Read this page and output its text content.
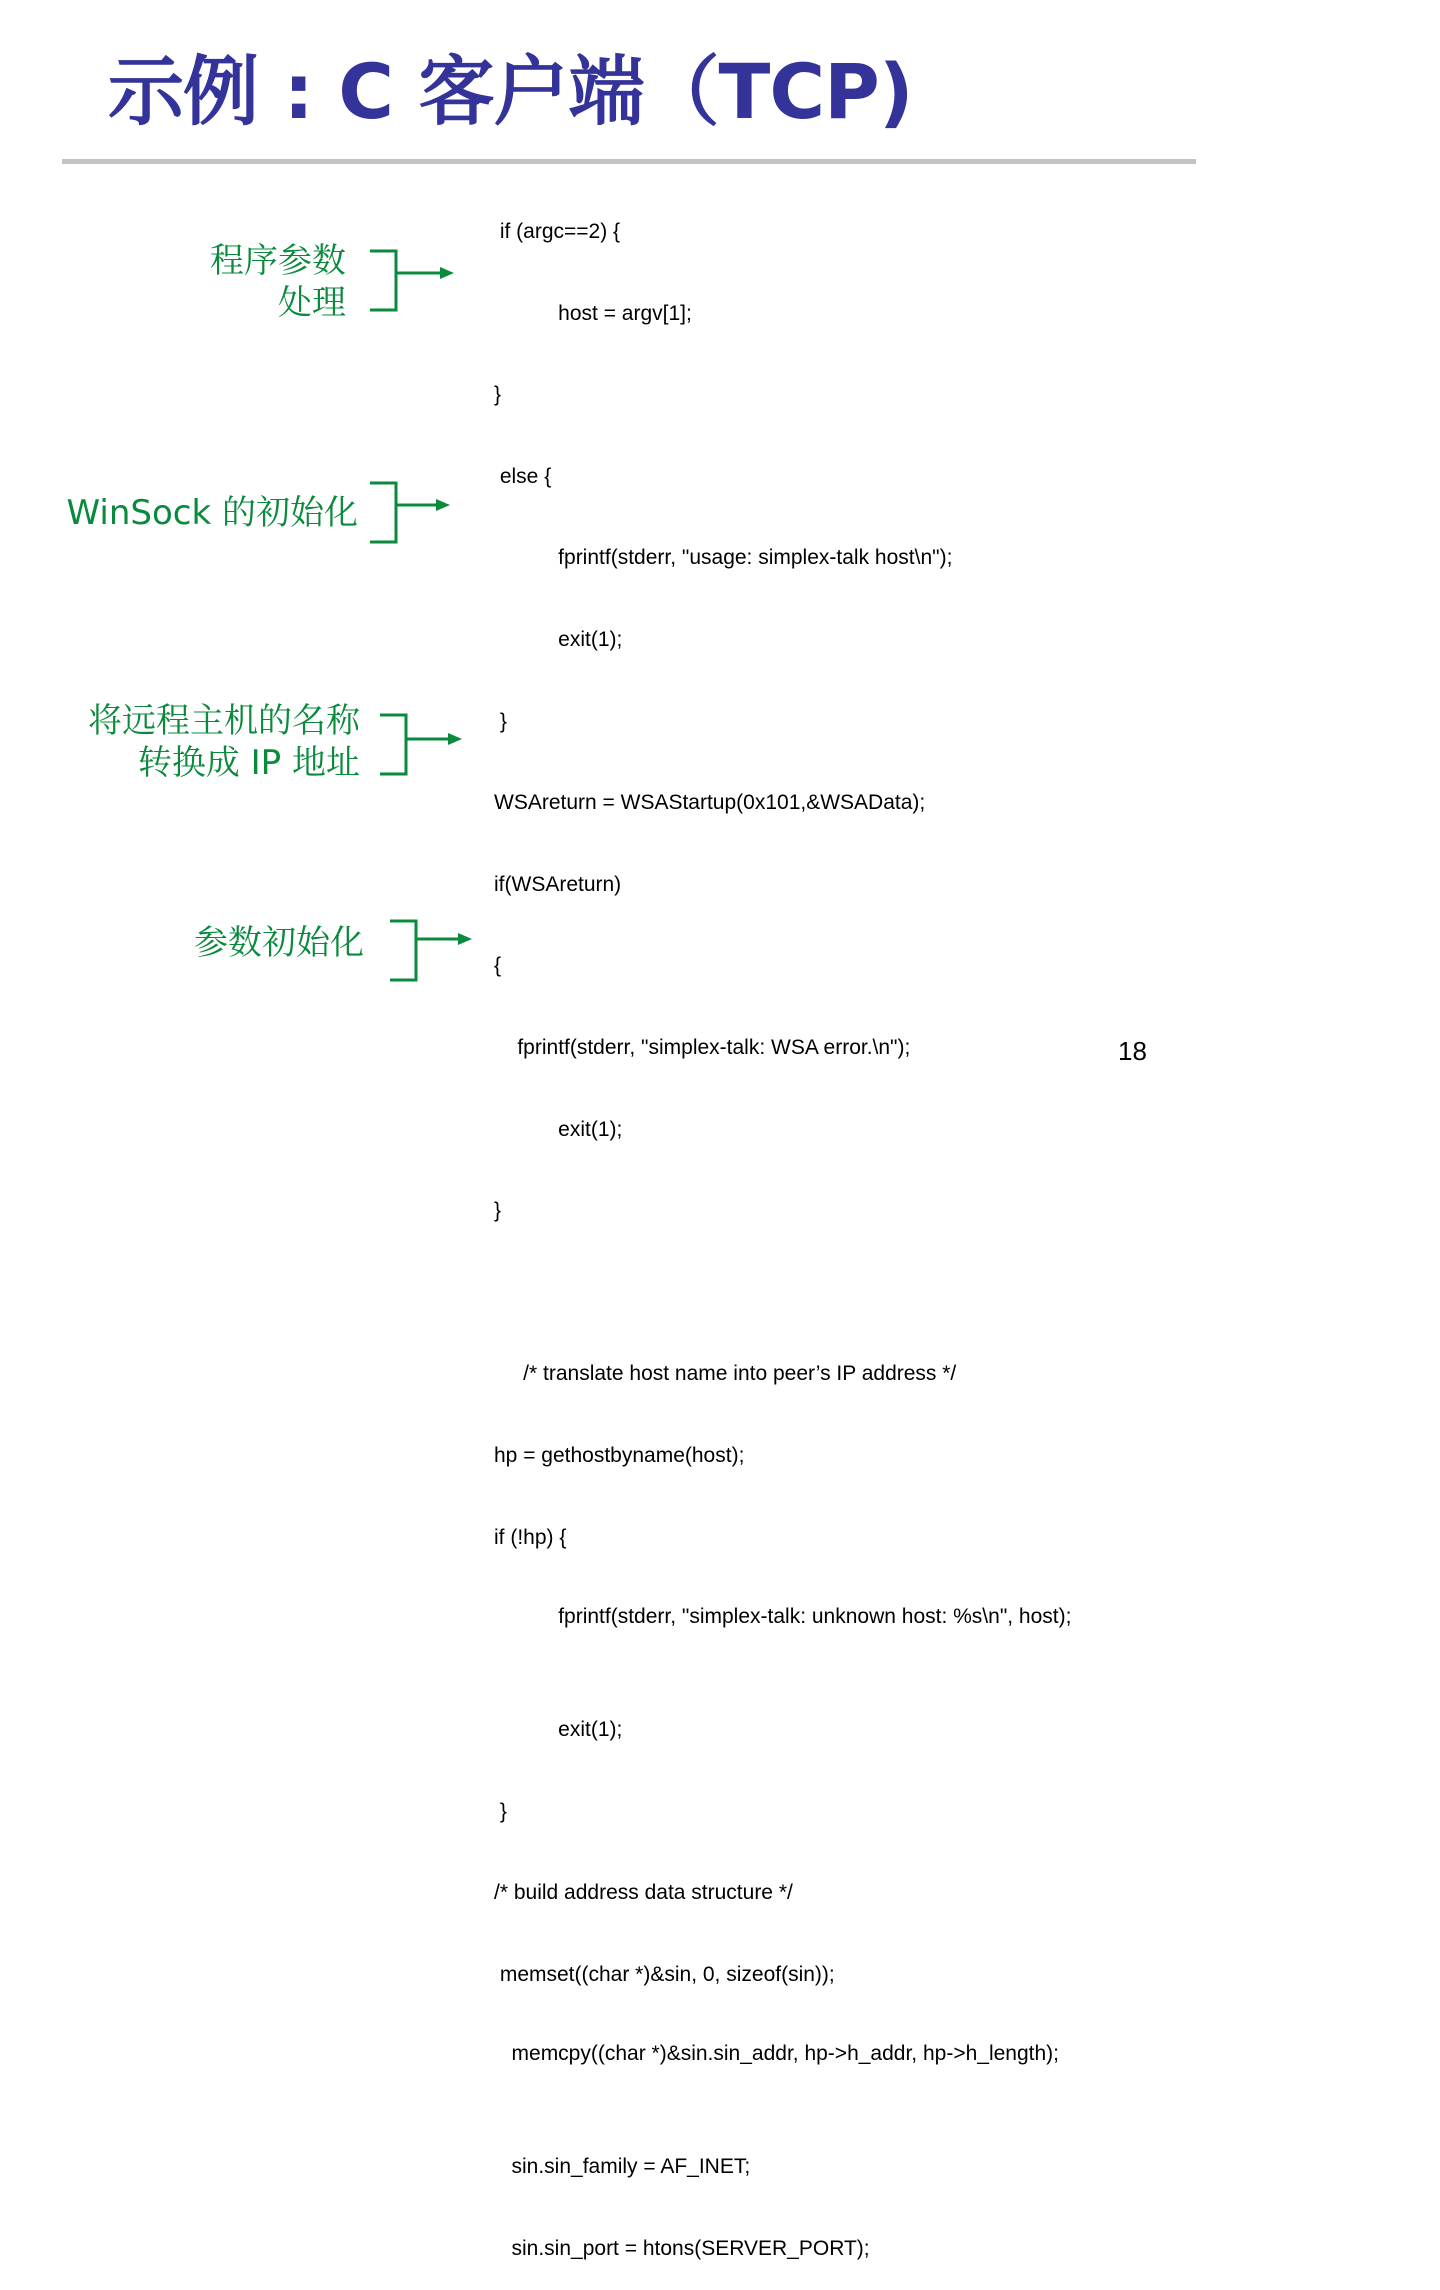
示例 : C 客户端（TCP)
程序参数
处理
WinSock 的初始化
将远程主机的名称
转换成 IP 地址
参数初始化

if (argc==2) {

host = argv[1];

}

else {

fprintf(stderr, "usage: simplex-talk host\n");

exit(1);

}

WSAreturn = WSAStartup(0x101,&WSAData);

if(WSAreturn)

{

fprintf(stderr, "simplex-talk: WSA error.\n");

exit(1);

}

/* translate host name into peer’s IP address */

hp = gethostbyname(host);

if (!hp) {

fprintf(stderr, "simplex-talk: unknown host: %s\n", host);

exit(1);

}

/* build address data structure */

memset((char *)&sin, 0, sizeof(sin));

memcpy((char *)&sin.sin_addr, hp->h_addr, hp->h_length);

sin.sin_family = AF_INET;

sin.sin_port = htons(SERVER_PORT);

18
